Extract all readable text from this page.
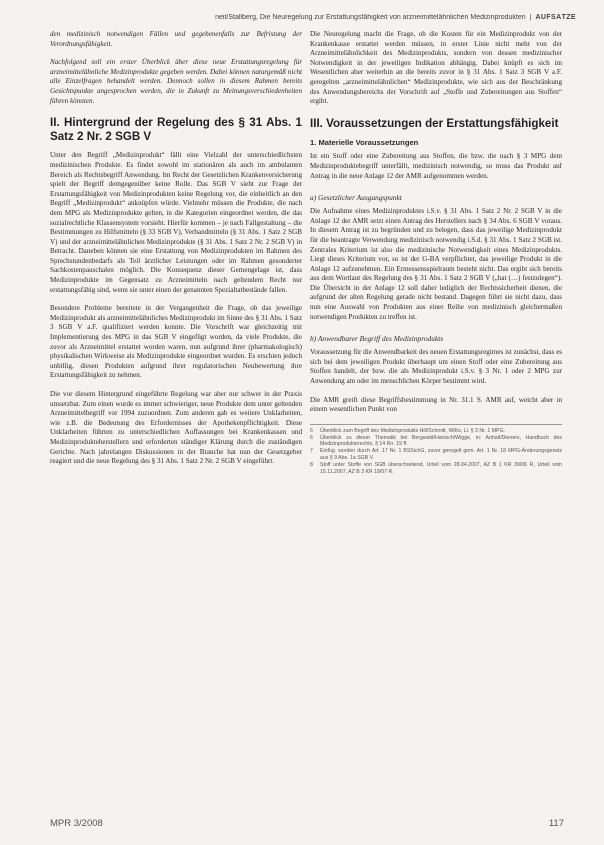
neit/Stallberg, Die Neuregelung zur Erstattungsfähigkeit von arzneimittelähnlichen Medizinprodukten | AUFSÄTZE

den medizinisch notwendigen Fällen und gegebenenfalls zur Befristung der Verordnungsfähigkeit.

Nachfolgend soll ein erster Überblick über diese neue Erstattungsregelung für arzneimittelähnliche Medizinprodukte gegeben werden. Dabei können naturgemäß nicht alle Einzelfragen behandelt werden. Dennoch sollen in diesem Rahmen bereits Gesichtspunkte angesprochen werden, die in Zukunft zu Meinungsverschiedenheiten führen könnten.

II. Hintergrund der Regelung des § 31 Abs. 1 Satz 2 Nr. 2 SGB V

Unter den Begriff „Medizinprodukt“ fällt eine Vielzahl der unterschiedlichsten medizinischen Produkte. Es findet sowohl im stationären als auch im ambulanten Bereich als Rechtsbegriff Anwendung. Im Recht der Gesetzlichen Krankenversicherung spielt der Begriff demgegenüber keine Rolle. Das SGB V sieht zur Frage der Erstattungsfähigkeit von Medizinprodukten keine Regelung vor, die einheitlich an den Begriff „Medizinprodukt“ anknüpfen würde. Vielmehr müssen die Produkte, die nach dem MPG als Medizinprodukte gelten, in die Kategorien eingeordnet werden, die das sozialrechtliche Klassensystem vorsieht. Hierfür kommen – je nach Fallgestaltung – die Bestimmungen zu Hilfsmitteln (§ 33 SGB V), Verbandmitteln (§ 31 Abs. 1 Satz 2 SGB V) und der arzneimittelähnlichen Medizinprodukte (§ 31 Abs. 1 Satz 2 Nr. 2 SGB V) in Betracht. Daneben können sie eine Erstattung von Medizinprodukten im Rahmen des Sprechstundenbedarfs als Teil ärztlicher Leistungen oder im Rahmen gesonderter Sachkostenpauschalen möglich. Die Konsequenz dieser Gemengelage ist, dass Medizinprodukte im Gegensatz zu Arzneimitteln nach geltendem Recht nur erstattungsfähig sind, wenn sie unter einen der genannten Spezialtatbestände fallen.

Besondere Probleme bereitete in der Vergangenheit die Frage, ob das jeweilige Medizinprodukt als arzneimittelähnliches Medizinprodukt im Sinne des § 31 Abs. 1 Satz 3 SGB V a.F. qualifiziert werden konnte. Die Vorschrift war gleichzeitig mit Implementierung des MPG in das SGB V eingefügt worden, da viele Produkte, die zuvor als Arzneimittel erstattet worden waren, nun aufgrund ihrer (pharmakologisch) physikalischen Wirkweise als Medizinprodukte eingeordnet wurden. Es erschien jedoch unbillig, diesen Produkten aufgrund ihrer regulatorischen Neubewertung ihre Erstattungsfähigkeit zu nehmen.

Die vor diesem Hintergrund eingeführte Regelung war aber nur schwer in der Praxis umsetzbar. Zum einen wurde es immer schwieriger, neue Produkte dem unter geltenden Arzneimittelbegriff vor 1994 zuzuordnen. Zum anderen gab es weitere Unklarheiten, wie z.B. die Bedeutung des Erfordernisses der Apothekenpflichtigkeit. Diese Unklarheiten führten zu unterschiedlichen Auffassungen bei Krankenkassen und Medizinprodukteherstellern und erforderten ständiger Klärung durch die zuständigen Gerichte. Nach jahrelangen Diskussionen in der Branche hat nun der Gesetzgeber reagiert und die neue Regelung des § 31 Abs. 1 Satz 2 Nr. 2 SGB V eingeführt.

Die Neuregelung macht die Frage, ob die Kosten für ein Medizinprodukt von der Krankenkasse erstattet werden müssen, in erster Linie nicht mehr von der Arzneimittelähnlichkeit des Medizinprodukts, sondern von dessen medizinischer Notwendigkeit in der jeweiligen Indikation abhängig. Dabei knüpft es sich im Wesentlichen aber weiterhin an die bereits zuvor in § 31 Abs. 1 Satz 3 SGB V a.F. geregelten „arzneimittelähnlichen“ Medizinprodukte, wie sich aus der Beschränkung des Anwendungsbereichs der Vorschrift auf „Stoffe und Zubereitungen aus Stoffen“ ergibt.

III. Voraussetzungen der Erstattungsfähigkeit
1. Materielle Voraussetzungen

Ist ein Stoff oder eine Zubereitung aus Stoffen, die bzw. die nach § 3 MPG dem Medizinproduktebegriff unterfällt, medizinisch notwendig, so muss das Produkt auf Antrag in die neue Anlage 12 der AMR aufgenommen werden.

a) Gesetzlicher Ausgangspunkt

Die Aufnahme eines Medizinproduktes i.S.v. § 31 Abs. 1 Satz 2 Nr. 2 SGB V in die Anlage 12 der AMR setzt einen Antrag des Herstellers nach § 34 Abs. 6 SGB V voraus. In diesem Antrag ist zu begründen und zu belegen, dass das jeweilige Medizinprodukt für die beantragte Verwendung medizinisch notwendig i.S.d. § 31 Abs. 1 Satz 2 SGB ist. Zentrales Kriterium ist also die medizinische Notwendigkeit eines Medizinprodukts. Liegt dieses Kriterium vor, so ist der G-BA verpflichtet, das jeweilige Produkt in die Anlage 12 aufzunehmen. Ein Ermessensspielraum besteht nicht. Das ergibt sich bereits aus dem Wortlaut des Regelung des § 31 Abs. 1 Satz 2 SGB V („hat (…) festzulegen“). Die Übersicht in der Anlage 12 soll daher lediglich der Rechtssicherheit dienen, die aufgrund der alten Regelung gerade nicht bestand. Dagegen führt sie nicht dazu, dass nun eine Auswahl von Produkten aus einer Reihe von medizinisch gleichermaßen notwendigen Produkten zu treffen ist.

b) Anwendbarer Begriff des Medizinprodukts

Voraussetzung für die Anwendbarkeit des neuen Erstattungsregimes ist zunächst, dass es sich bei dem jeweiligen Produkt überhaupt um einen Stoff oder eine Zubereitung aus Stoffen handelt, der bzw. die als Medizinprodukt i.S.v. § 3 Nr. 1 oder 2 MPG zur Anwendung am oder im menschlichen Körper bestimmt wird.

Die AMR greift diese Begriffsbestimmung in Nr. 31.1 S. AMR auf, weicht aber in einem wesentlichen Punkt von

5	Überblick zum Begriff des Medizinprodukts Hill/Schmitt, WiKo, Ll. § 3 Nr. 1 MPG.
6	Überblick zu dieser Thematik bei Bergwald/Hanisch/Wigge, in: Anhalt/Dieners, Handbuch des Medizinprodukterechts, § 14 Rn. 19 ff.
7	Einfüg. worden durch Art. 17 Nr. 1 BSSichG, zuvor geregelt gem. Art. 1 Nr. 18 MPG-Änderungsgesetz aus § 9 Abs. 1a SGB V.
8	Stoff unter Stoffe von SGB überschreitend, Urteil vom 28.04.2007, AZ B 1 KR 39/06 R, Urteil vom 15.11.2007, AZ B 3 KR 18/07 R.
MPR 3/2008	117
